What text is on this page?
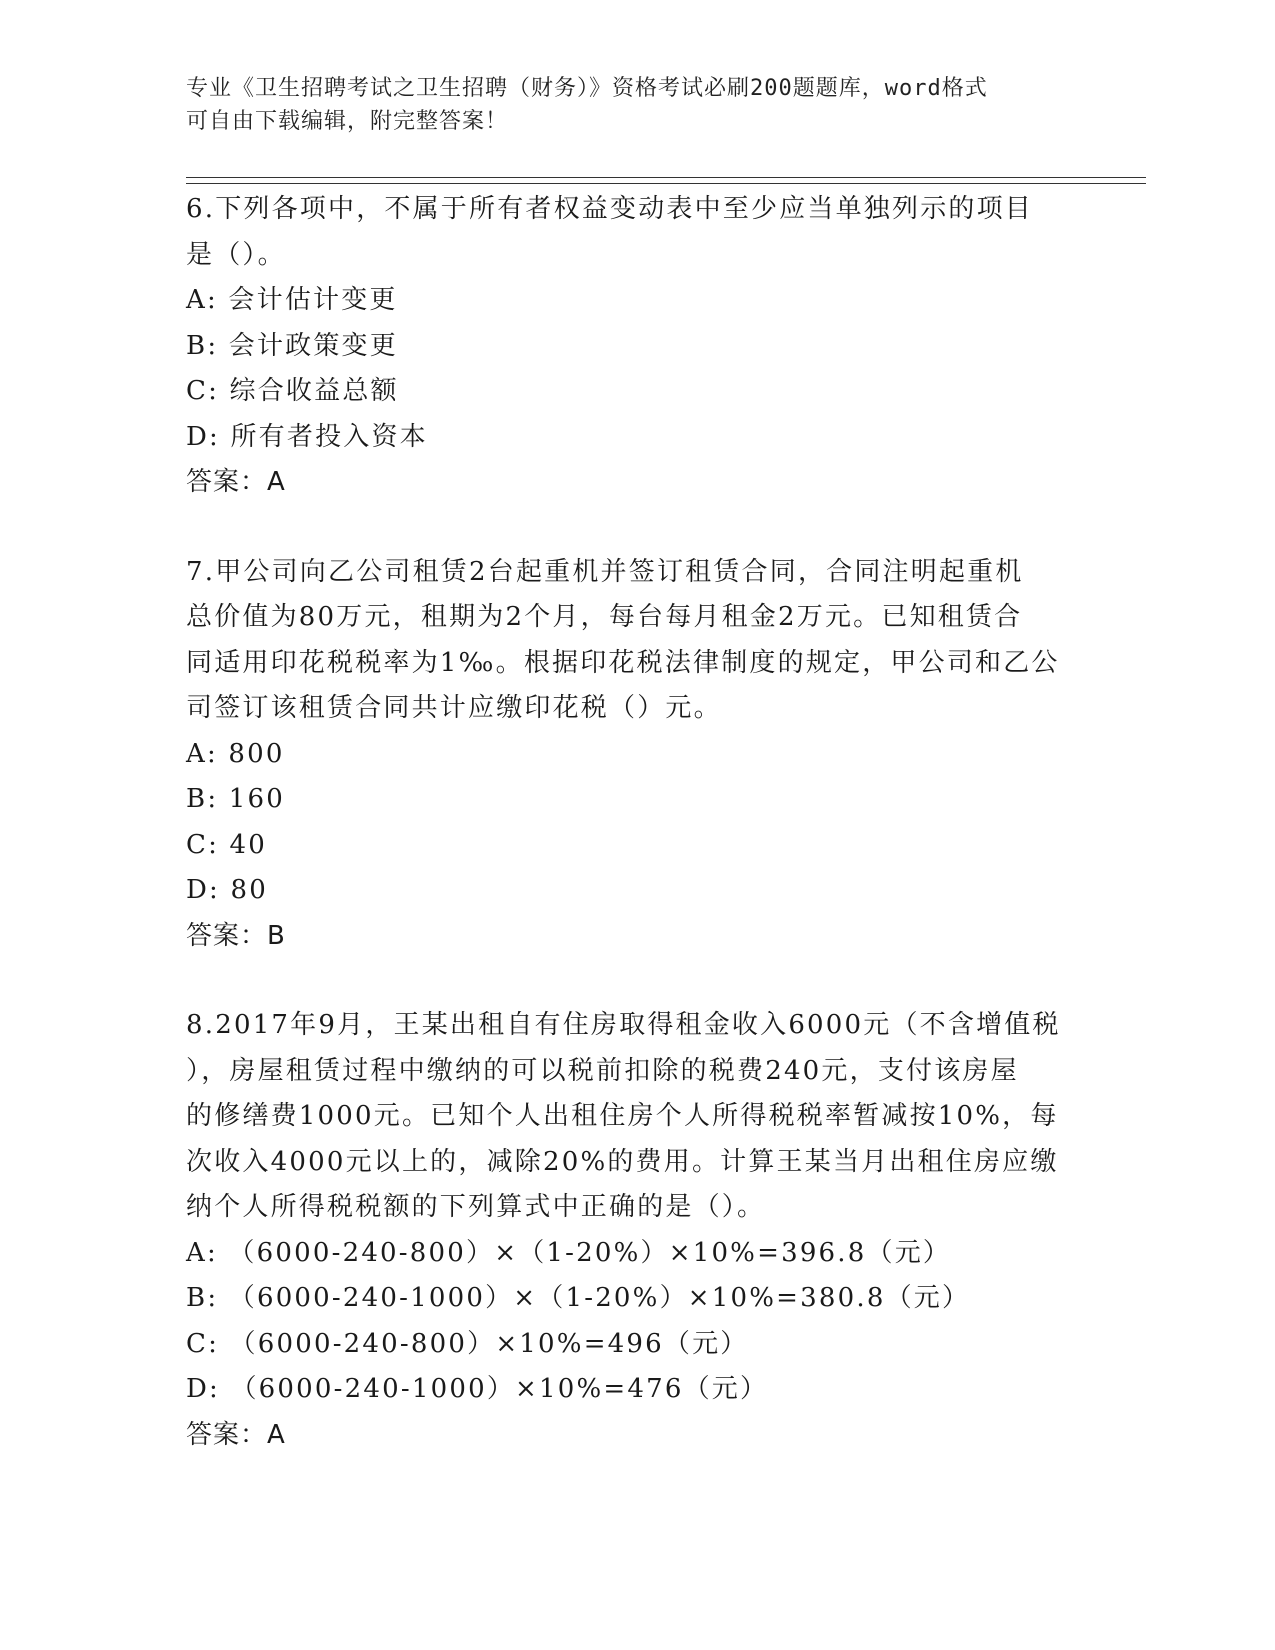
专业《卫生招聘考试之卫生招聘（财务）》资格考试必刷200题题库，word格式
可自由下载编辑，附完整答案！
6.下列各项中，不属于所有者权益变动表中至少应当单独列示的项目
是（）。
A: 会计估计变更
B: 会计政策变更
C: 综合收益总额
D: 所有者投入资本
答案：A
7.甲公司向乙公司租赁2台起重机并签订租赁合同，合同注明起重机
总价值为80万元，租期为2个月，每台每月租金2万元。已知租赁合
同适用印花税税率为1‰。根据印花税法律制度的规定，甲公司和乙公
司签订该租赁合同共计应缴印花税（）元。
A: 800
B: 160
C: 40
D: 80
答案：B
8.2017年9月，王某出租自有住房取得租金收入6000元（不含增值税
），房屋租赁过程中缴纳的可以税前扣除的税费240元，支付该房屋
的修缮费1000元。已知个人出租住房个人所得税税率暂减按10%，每
次收入4000元以上的，减除20%的费用。计算王某当月出租住房应缴
纳个人所得税税额的下列算式中正确的是（）。
A: （6000-240-800）×（1-20%）×10%=396.8（元）
B: （6000-240-1000）×（1-20%）×10%=380.8（元）
C: （6000-240-800）×10%=496（元）
D: （6000-240-1000）×10%=476（元）
答案：A
